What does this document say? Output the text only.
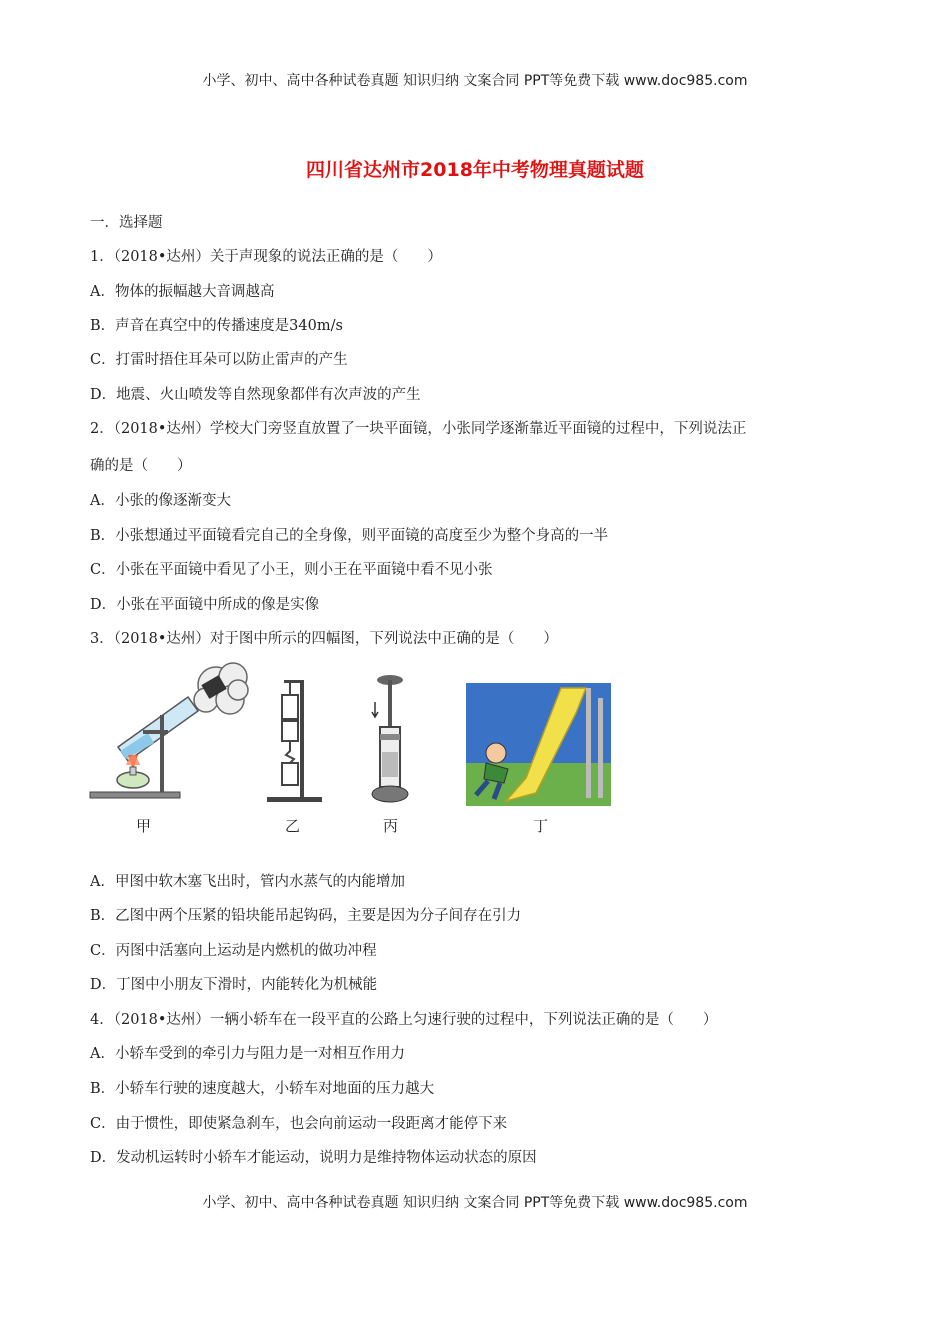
小学、初中、高中各种试卷真题 知识归纳 文案合同 PPT等免费下载 www.doc985.com
四川省达州市2018年中考物理真题试题
一．选择题
1．（2018•达州）关于声现象的说法正确的是（　　）
A．物体的振幅越大音调越高
B．声音在真空中的传播速度是340m/s
C．打雷时捂住耳朵可以防止雷声的产生
D．地震、火山喷发等自然现象都伴有次声波的产生
2．（2018•达州）学校大门旁竖直放置了一块平面镜，小张同学逐渐靠近平面镜的过程中，下列说法正
确的是（　　）
A．小张的像逐渐变大
B．小张想通过平面镜看完自己的全身像，则平面镜的高度至少为整个身高的一半
C．小张在平面镜中看见了小王，则小王在平面镜中看不见小张
D．小张在平面镜中所成的像是实像
3．（2018•达州）对于图中所示的四幅图，下列说法中正确的是（　　）
甲	乙	丙	丁
A．甲图中软木塞飞出时，管内水蒸气的内能增加
B．乙图中两个压紧的铅块能吊起钩码，主要是因为分子间存在引力
C．丙图中活塞向上运动是内燃机的做功冲程
D．丁图中小朋友下滑时，内能转化为机械能
4．（2018•达州）一辆小轿车在一段平直的公路上匀速行驶的过程中，下列说法正确的是（　　）
A．小轿车受到的牵引力与阻力是一对相互作用力
B．小轿车行驶的速度越大，小轿车对地面的压力越大
C．由于惯性，即使紧急刹车，也会向前运动一段距离才能停下来
D．发动机运转时小轿车才能运动，说明力是维持物体运动状态的原因
小学、初中、高中各种试卷真题 知识归纳 文案合同 PPT等免费下载 www.doc985.com
